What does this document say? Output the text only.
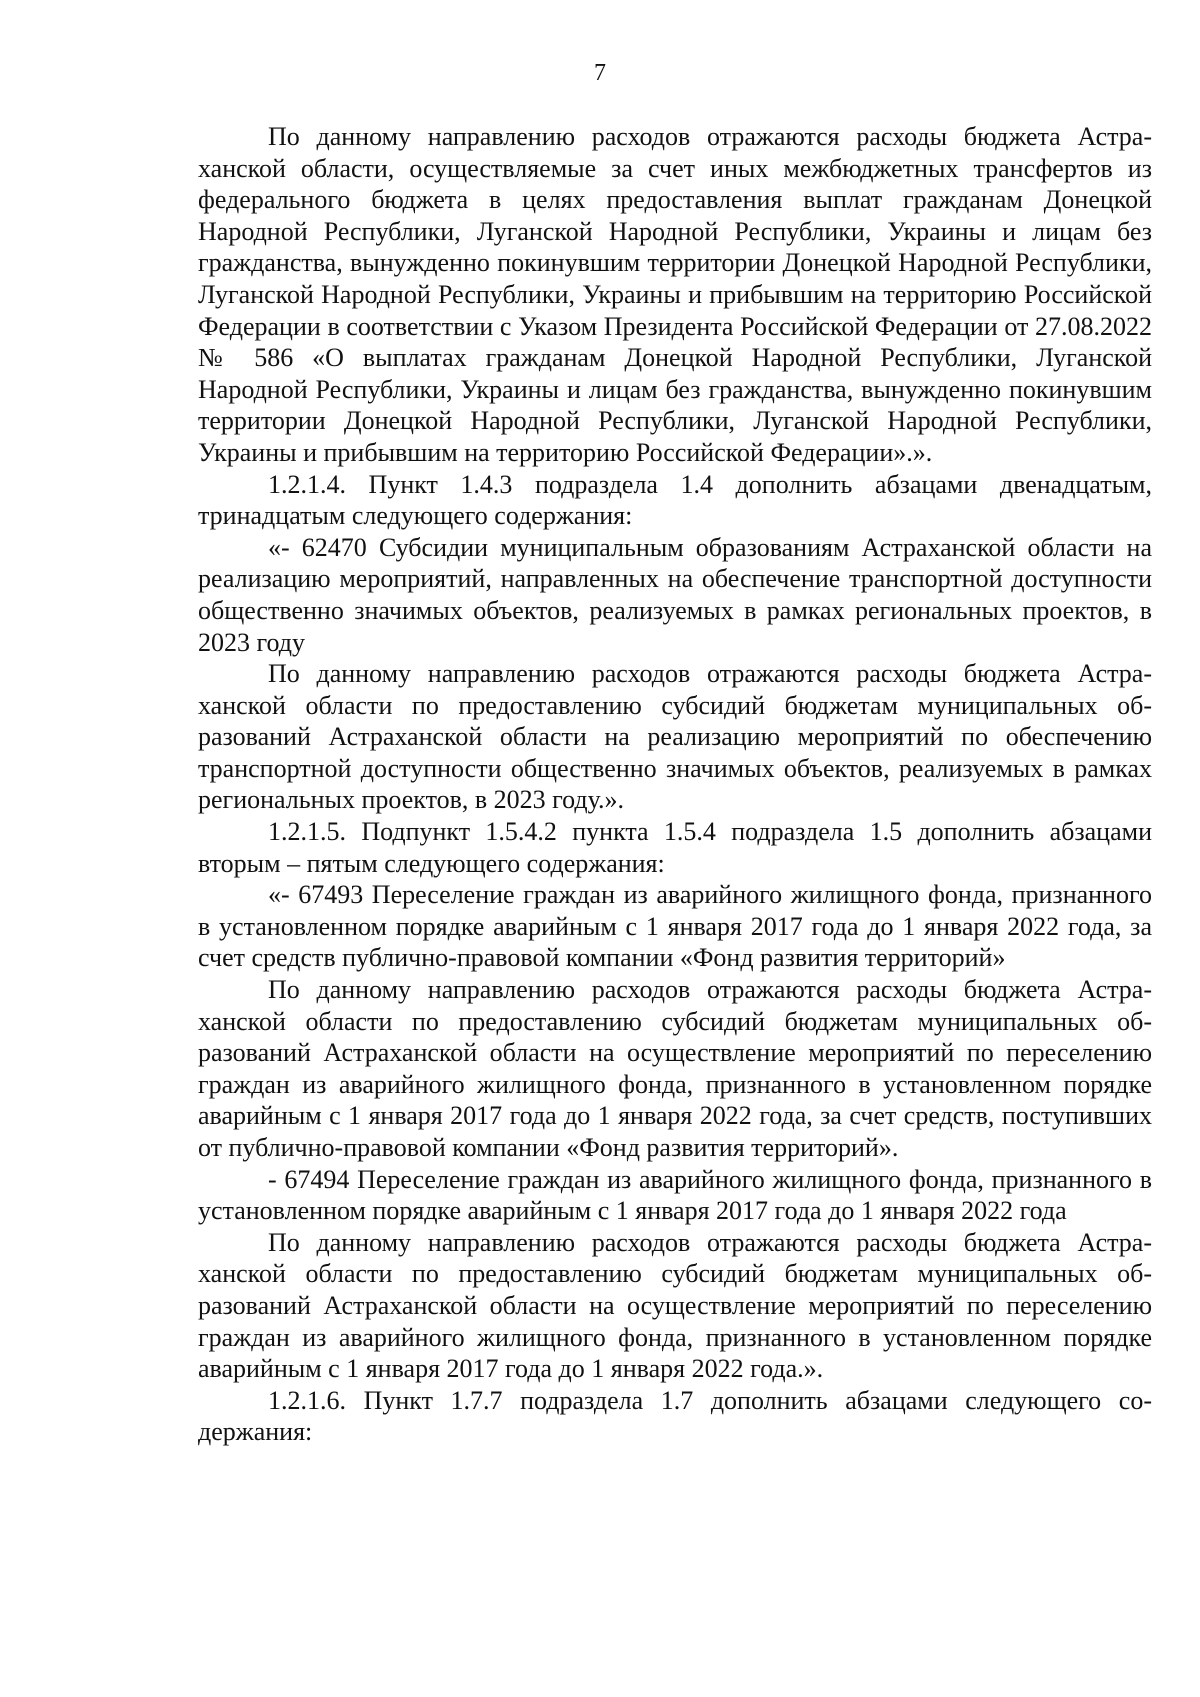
7

По данному направлению расходов отражаются расходы бюджета Астраханской области, осуществляемые за счет иных межбюджетных трансфертов из федерального бюджета в целях предоставления выплат гражданам Донецкой Народной Республики, Луганской Народной Республики, Украины и лицам без гражданства, вынужденно покинувшим территории Донецкой Народной Республики, Луганской Народной Республики, Украины и прибывшим на территорию Российской Федерации в соответствии с Указом Президента Российской Федерации от 27.08.2022 № 586 «О выплатах гражданам Донецкой Народной Республики, Луганской Народной Республики, Украины и лицам без гражданства, вынужденно покинувшим территории Донецкой Народной Республики, Луганской Народной Республики, Украины и прибывшим на территорию Российской Федерации».».

1.2.1.4. Пункт 1.4.3 подраздела 1.4 дополнить абзацами двенадцатым, тринадцатым следующего содержания:

«- 62470 Субсидии муниципальным образованиям Астраханской области на реализацию мероприятий, направленных на обеспечение транспортной доступности общественно значимых объектов, реализуемых в рамках региональных проектов, в 2023 году

По данному направлению расходов отражаются расходы бюджета Астраханской области по предоставлению субсидий бюджетам муниципальных образований Астраханской области на реализацию мероприятий по обеспечению транспортной доступности общественно значимых объектов, реализуемых в рамках региональных проектов, в 2023 году.».

1.2.1.5. Подпункт 1.5.4.2 пункта 1.5.4 подраздела 1.5 дополнить абзацами вторым – пятым следующего содержания:

«- 67493 Переселение граждан из аварийного жилищного фонда, признанного в установленном порядке аварийным с 1 января 2017 года до 1 января 2022 года, за счет средств публично-правовой компании «Фонд развития территорий»

По данному направлению расходов отражаются расходы бюджета Астраханской области по предоставлению субсидий бюджетам муниципальных образований Астраханской области на осуществление мероприятий по переселению граждан из аварийного жилищного фонда, признанного в установленном порядке аварийным с 1 января 2017 года до 1 января 2022 года, за счет средств, поступивших от публично-правовой компании «Фонд развития территорий».

- 67494 Переселение граждан из аварийного жилищного фонда, признанного в установленном порядке аварийным с 1 января 2017 года до 1 января 2022 года

По данному направлению расходов отражаются расходы бюджета Астраханской области по предоставлению субсидий бюджетам муниципальных образований Астраханской области на осуществление мероприятий по переселению граждан из аварийного жилищного фонда, признанного в установленном порядке аварийным с 1 января 2017 года до 1 января 2022 года.».

1.2.1.6. Пункт 1.7.7 подраздела 1.7 дополнить абзацами следующего содержания:
